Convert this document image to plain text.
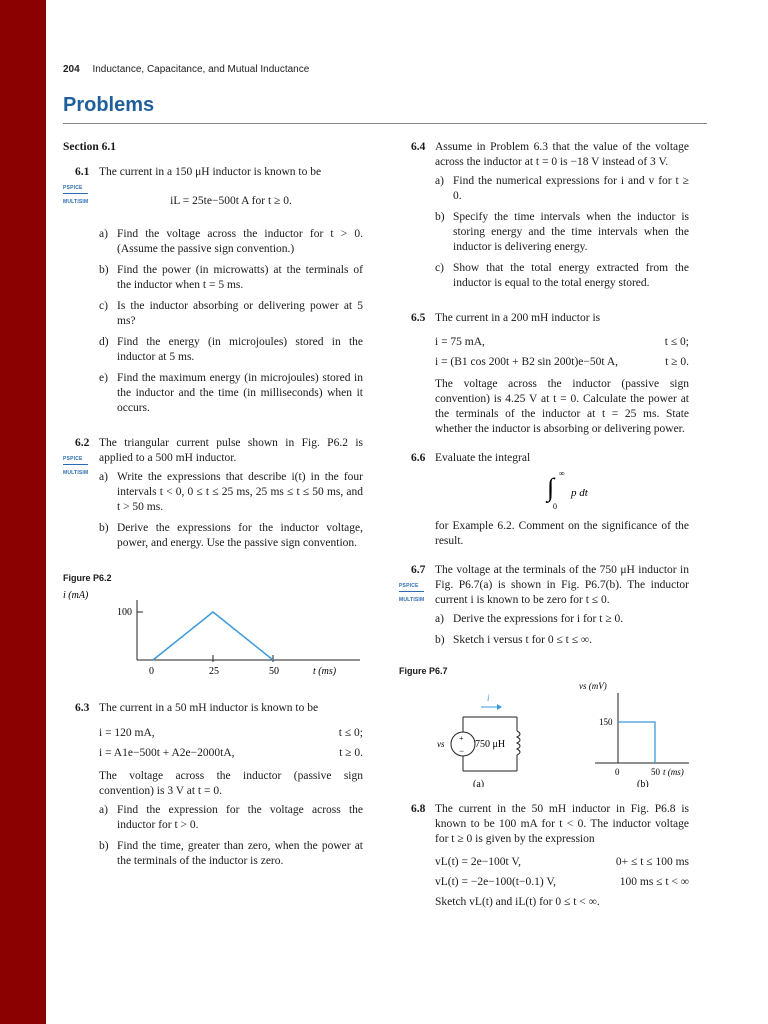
204 Inductance, Capacitance, and Mutual Inductance
Problems
Section 6.1
6.1
PSPICE
MULTISIM
The current in a 150 μH inductor is known to be
iL = 25te−500t A for t ≥ 0.
a) Find the voltage across the inductor for t > 0. (Assume the passive sign convention.)
b) Find the power (in microwatts) at the terminals of the inductor when t = 5 ms.
c) Is the inductor absorbing or delivering power at 5 ms?
d) Find the energy (in microjoules) stored in the inductor at 5 ms.
e) Find the maximum energy (in microjoules) stored in the inductor and the time (in milliseconds) when it occurs.
6.2
PSPICE
MULTISIM
The triangular current pulse shown in Fig. P6.2 is applied to a 500 mH inductor.
a) Write the expressions that describe i(t) in the four intervals t < 0, 0 ≤ t ≤ 25 ms, 25 ms ≤ t ≤ 50 ms, and t > 50 ms.
b) Derive the expressions for the inductor voltage, power, and energy. Use the passive sign convention.
Figure P6.2
i (mA)
100
0	25	50	t (ms)
6.3 The current in a 50 mH inductor is known to be
i = 120 mA,	t ≤ 0;
i = A1e−500t + A2e−2000tA,	t ≥ 0.
The voltage across the inductor (passive sign convention) is 3 V at t = 0.
a) Find the expression for the voltage across the inductor for t > 0.
b) Find the time, greater than zero, when the power at the terminals of the inductor is zero.
6.4 Assume in Problem 6.3 that the value of the voltage across the inductor at t = 0 is −18 V instead of 3 V.
a) Find the numerical expressions for i and v for t ≥ 0.
b) Specify the time intervals when the inductor is storing energy and the time intervals when the inductor is delivering energy.
c) Show that the total energy extracted from the inductor is equal to the total energy stored.
6.5 The current in a 200 mH inductor is
i = 75 mA,	t ≤ 0;
i = (B1 cos 200t + B2 sin 200t)e−50t A,	t ≥ 0.
The voltage across the inductor (passive sign convention) is 4.25 V at t = 0. Calculate the power at the terminals of the inductor at t = 25 ms. State whether the inductor is absorbing or delivering power.
6.6 Evaluate the integral
∫ ∞
0
p dt
for Example 6.2. Comment on the significance of the result.
6.7
PSPICE
MULTISIM
The voltage at the terminals of the 750 μH inductor in Fig. P6.7(a) is shown in Fig. P6.7(b). The inductor current i is known to be zero for t ≤ 0.
a) Derive the expressions for i for t ≥ 0.
b) Sketch i versus t for 0 ≤ t ≤ ∞.
Figure P6.7
+
−
vs	750 μH
i
(a)
vs (mV)
150
0	50 t (ms)
(b)
6.8 The current in the 50 mH inductor in Fig. P6.8 is known to be 100 mA for t < 0. The inductor voltage for t ≥ 0 is given by the expression
vL(t) = 2e−100t V,	0+ ≤ t ≤ 100 ms
vL(t) = −2e−100(t−0.1) V,	100 ms ≤ t < ∞
Sketch vL(t) and iL(t) for 0 ≤ t < ∞.
